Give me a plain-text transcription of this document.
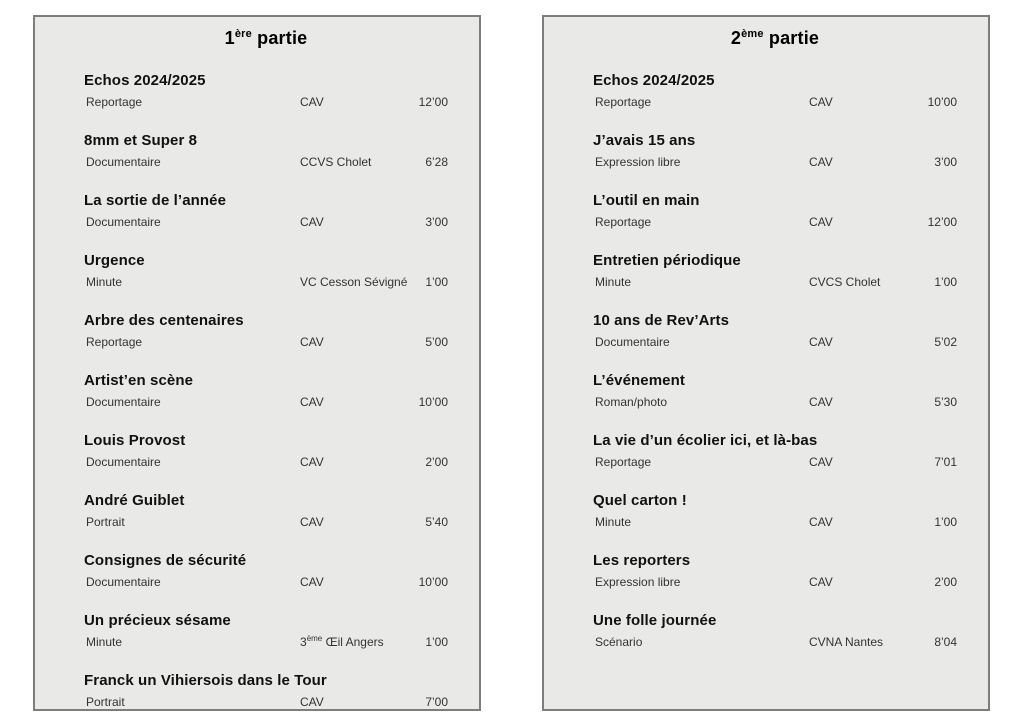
1ère partie
Echos 2024/2025
Reportage	CAV	12’00
8mm et Super 8
Documentaire	CCVS Cholet	6’28
La sortie de l’année
Documentaire	CAV	3’00
Urgence
Minute	VC Cesson Sévigné	1’00
Arbre des centenaires
Reportage	CAV	5’00
Artist’en scène
Documentaire	CAV	10’00
Louis Provost
Documentaire	CAV	2’00
André Guiblet
Portrait	CAV	5’40
Consignes de sécurité
Documentaire	CAV	10’00
Un précieux sésame
Minute	3ème Œil Angers	1’00
Franck un Vihiersois dans le Tour
Portrait	CAV	7’00
2ème partie
Echos 2024/2025
Reportage	CAV	10’00
J’avais 15 ans
Expression libre	CAV	3’00
L’outil en main
Reportage	CAV	12’00
Entretien périodique
Minute	CVCS Cholet	1’00
10 ans de Rev’Arts
Documentaire	CAV	5’02
L’événement
Roman/photo	CAV	5’30
La vie d’un écolier ici, et là-bas
Reportage	CAV	7’01
Quel carton !
Minute	CAV	1’00
Les reporters
Expression libre	CAV	2’00
Une folle journée
Scénario	CVNA Nantes	8’04
